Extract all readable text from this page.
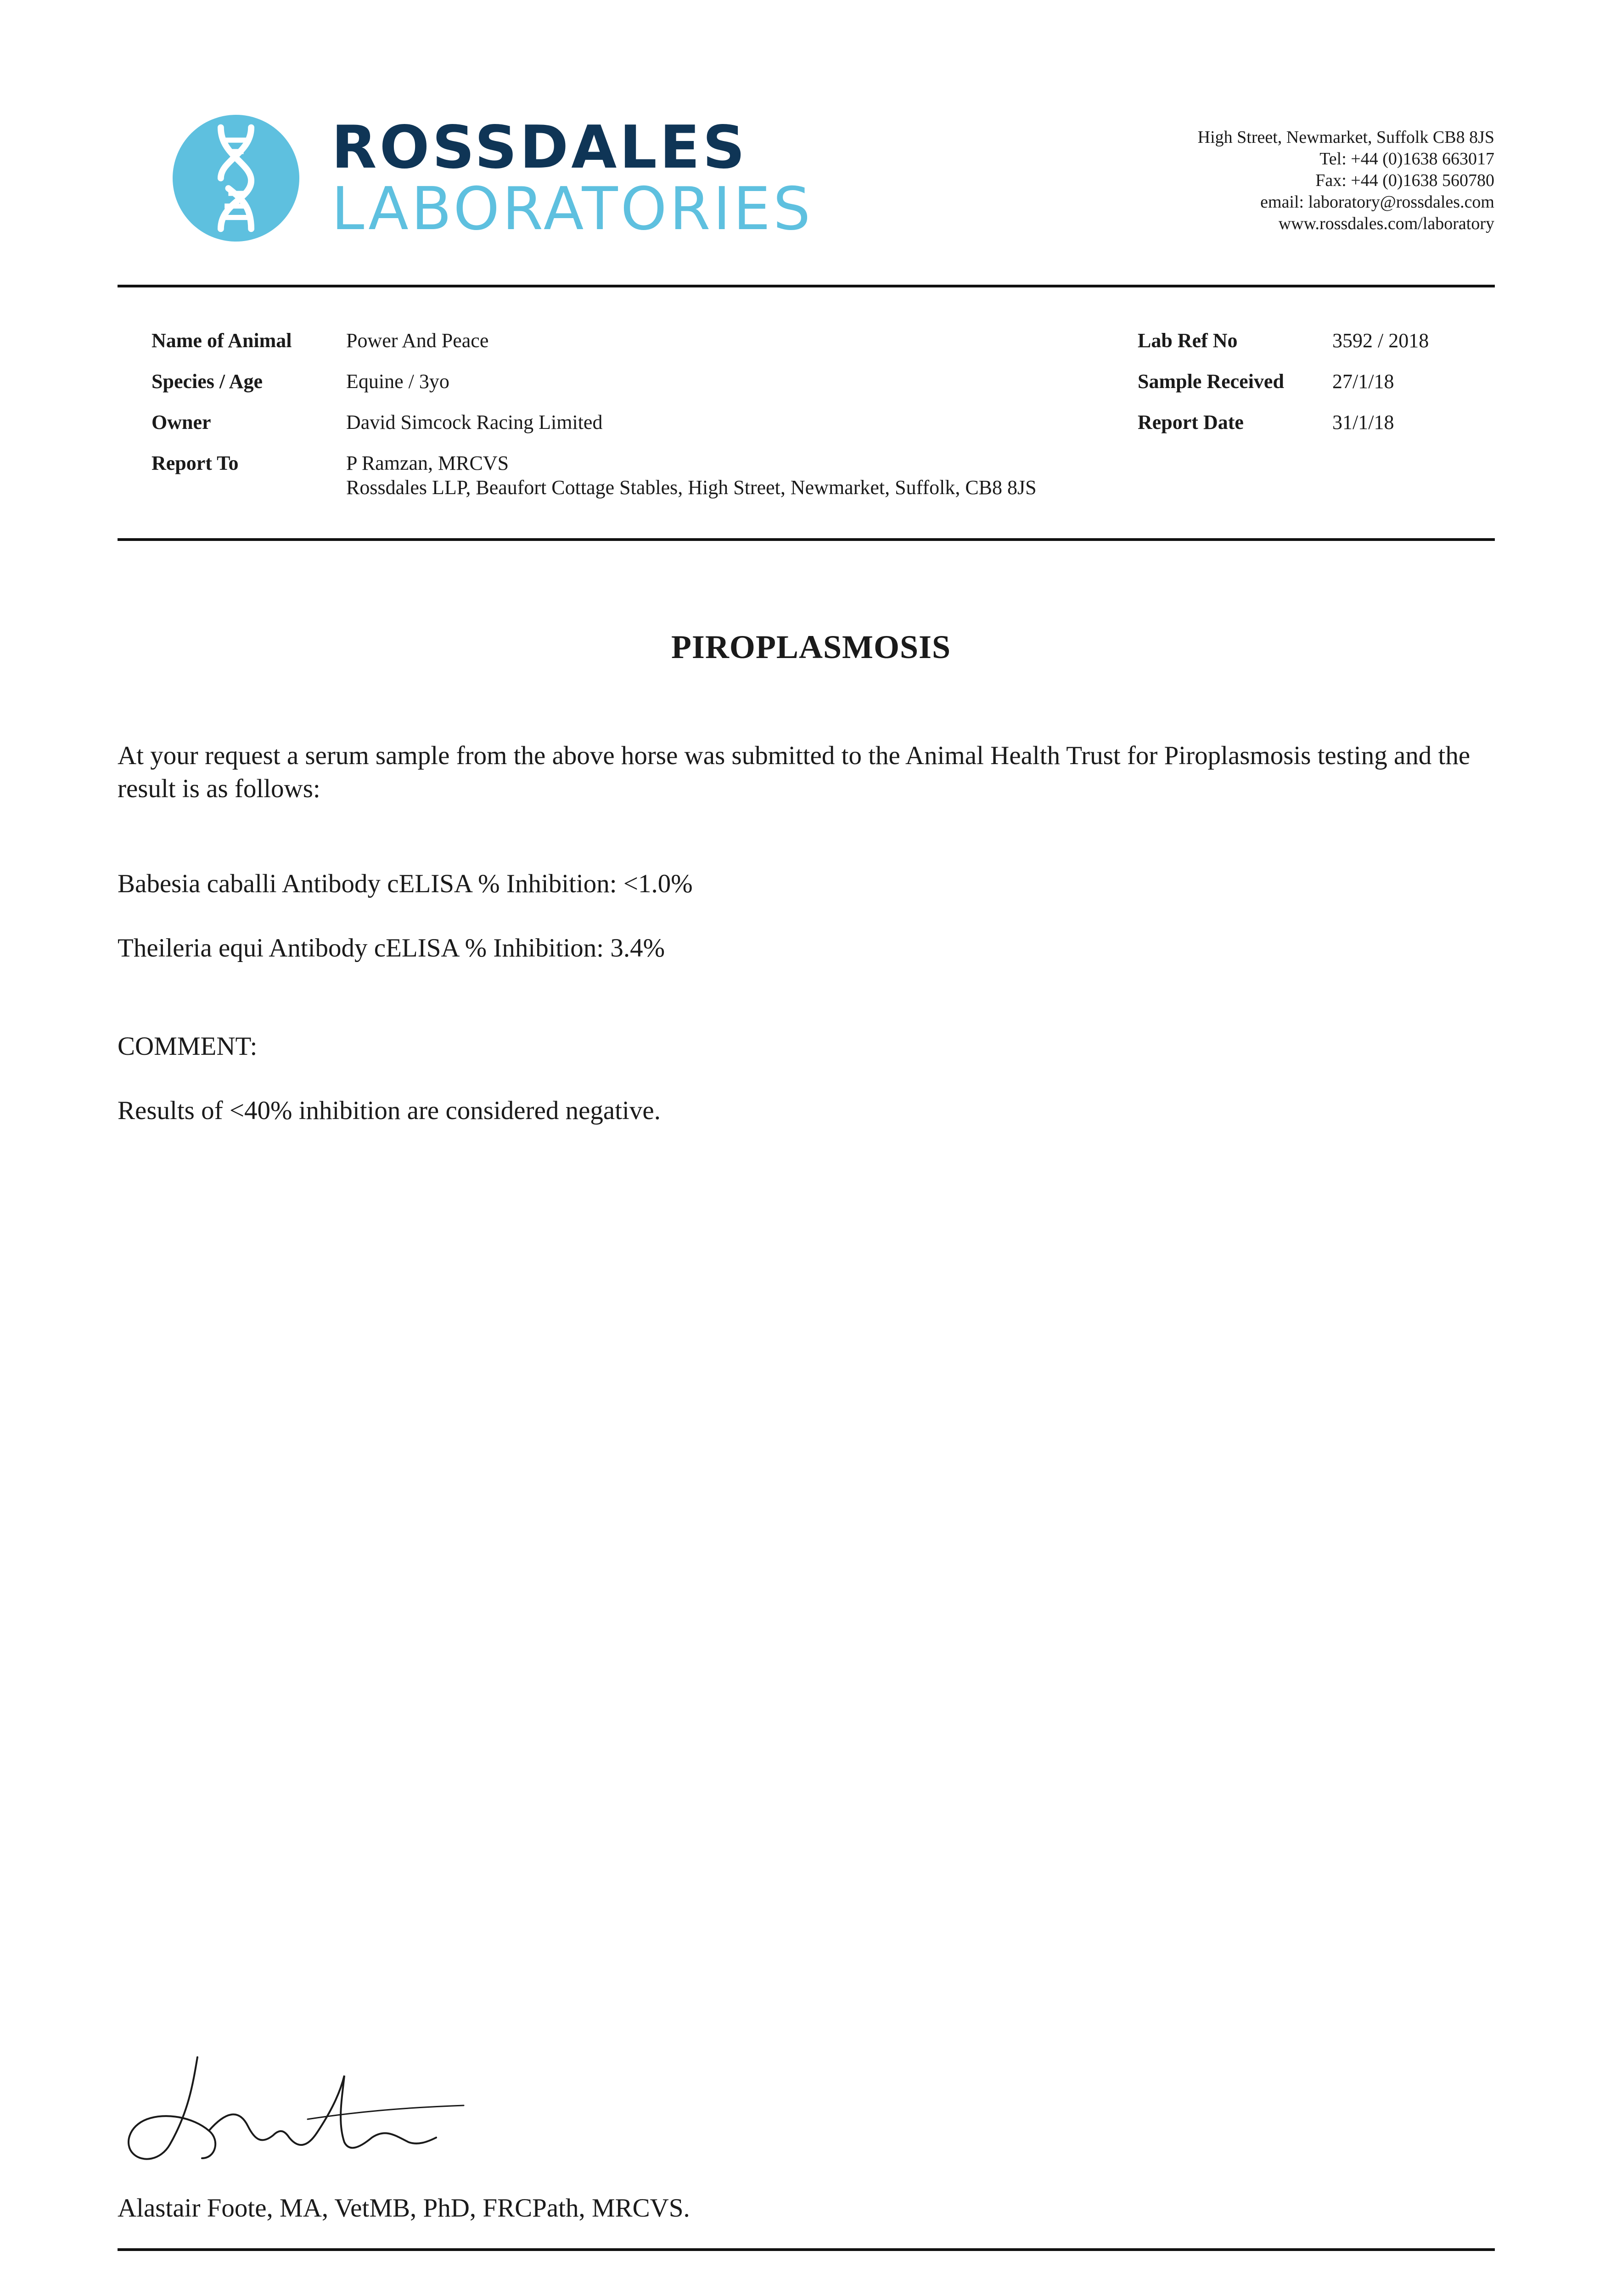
ROSSDALES
LABORATORIES
High Street, Newmarket, Suffolk CB8 8JS
Tel: +44 (0)1638 663017
Fax: +44 (0)1638 560780
email: laboratory@rossdales.com
www.rossdales.com/laboratory
Name of Animal	Power And Peace
Species / Age	Equine / 3yo
Owner	David Simcock Racing Limited
Report To	P Ramzan, MRCVS
Rossdales LLP, Beaufort Cottage Stables, High Street, Newmarket, Suffolk, CB8 8JS
Lab Ref No	3592 / 2018
Sample Received 27/1/18
Report Date	31/1/18
PIROPLASMOSIS
At your request a serum sample from the above horse was submitted to the Animal Health Trust for Piroplasmosis testing and the result is as follows:
Babesia caballi Antibody cELISA % Inhibition: <1.0%
Theileria equi Antibody cELISA % Inhibition: 3.4%
COMMENT:
Results of <40% inhibition are considered negative.
Alastair Foote, MA, VetMB, PhD, FRCPath, MRCVS.
